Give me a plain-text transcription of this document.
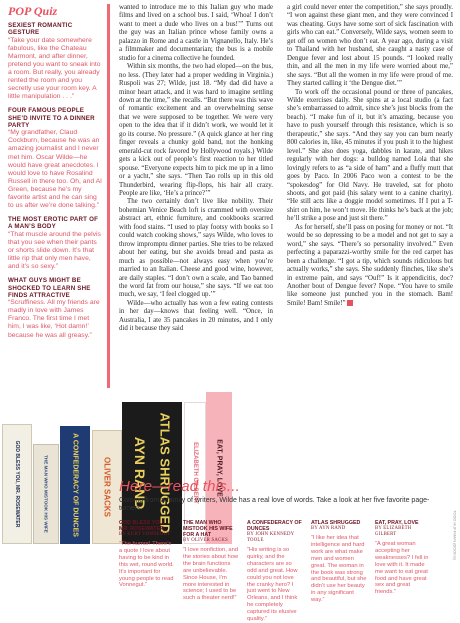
POP Quiz

SEXIEST ROMANTIC GESTURE

“Take your date somewhere fabulous, like the Chateau Marmont, and after dinner, pretend you want to sneak into a room. But really, you already rented the room and you secretly use your room key. A little manipulation . . .”

FOUR FAMOUS PEOPLE SHE’D INVITE TO A DINNER PARTY

“My grandfather, Claud Cockburn, because he was an amazing journalist and I never met him. Oscar Wilde—he would have great anecdotes. I would love to have Rosalind Russell in there too. Oh, and Al Green, because he’s my favorite artist and he can sing to us after we’re done talking.”

THE MOST EROTIC PART OF A MAN’S BODY

“That muscle around the pelvis that you see when their pants or shorts slide down. It’s that little rip that only men have, and it’s so sexy.”

WHAT GUYS MIGHT BE SHOCKED TO LEARN SHE FINDS ATTRACTIVE

“Scruffiness. All my friends are madly in love with James Franco. The first time I met him, I was like, ‘Hot damn!’ because he was all greasy.”

wanted to introduce me to this Italian guy who made films and lived on a school bus. I said, ‘Whoa! I don’t want to meet a dude who lives on a bus!’” Turns out the guy was an Italian prince whose family owns a palazzo in Rome and a castle in Vignanello, Italy. He’s a filmmaker and documentarian; the bus is a mobile studio for a cinema collective he founded.

Within six months, the two had eloped—on the bus, no less. (They later had a proper wedding in Virginia.) Ruspoli was 27; Wilde, just 18. “My dad did have a minor heart attack, and it was hard to imagine settling down at the time,” she recalls. “But there was this wave of romantic excitement and an overwhelming sense that we were supposed to be together. We were very open to the idea that if it didn’t work, we would let it go its course. No pressure.” (A quick glance at her ring finger reveals a chunky gold band, not the honking emerald-cut rock favored by Hollywood royals.) Wilde gets a kick out of people’s first reaction to her titled spouse. “Everyone expects him to pick me up in a limo or a yacht,” she says. “Then Tao rolls up in this old Thunderbird, wearing flip-flops, his hair all crazy. People are like, ‘He’s a prince?’”

The two certainly don’t live like nobility. Their bohemian Venice Beach loft is crammed with oversize abstract art, ethnic furniture, and cookbooks scarred with food stains. “I used to play footsy with books so I could watch cooking shows,” says Wilde, who loves to throw impromptu dinner parties. She tries to be relaxed about her eating, but she avoids bread and pasta as much as possible—not always easy when you’re married to an Italian. Cheese and good wine, however, are daily staples. “I don’t own a scale, and Tao banned the word fat from our house,” she says. “If we eat too much, we say, ‘I feel clogged up.’”

Wilde—who actually has won a few eating contests in her day—knows that feeling well. “Once, in Australia, I ate 35 pancakes in 20 minutes, and I only did it because they said

a girl could never enter the competition,” she says proudly. “I won against these giant men, and they were convinced I was cheating. Guys have some sort of sick fascination with girls who can eat.” Conversely, Wilde says, women seem to get off on women who don’t eat. A year ago, during a visit to Thailand with her husband, she caught a nasty case of Dengue fever and lost about 15 pounds. “I looked really thin, and all the men in my life were worried about me,” she says. “But all the women in my life were proud of me. They started calling it ‘the Dengue diet.’”

To work off the occasional pound or three of pancakes, Wilde exercises daily. She spins at a local studio (a fact she’s embarrassed to admit, since she’s just blocks from the beach). “I make fun of it, but it’s amazing, because you have to push yourself through this resistance, which is so therapeutic,” she says. “And they say you can burn nearly 800 calories in, like, 45 minutes if you push it to the highest level.” She also does yoga, dabbles in karate, and hikes regularly with her dogs: a bulldog named Lola that she lovingly refers to as “a side of ham” and a fluffy mutt that goes by Paco. In 2006 Paco won a contest to be the “spokesdog” for Old Navy. He traveled, sat for photo shoots, and got paid (his salary went to a canine charity). “He still acts like a doggie model sometimes. If I put a T-shirt on him, he won’t move. He thinks he’s back at the job; he’ll strike a pose and just sit there.”

As for herself, she’ll pass on posing for money or not. “It would be so depressing to be a model and not get to say a word,” she says. “There’s so personality involved.” Even perfecting a paparazzi-worthy smile for the red carpet has been a challenge. “I got a tip, which sounds ridiculous but actually works,” she says. She suddenly flinches, like she’s in extreme pain, and says “Ouf!” Is it appendicitis, doc? Another bout of Dengue fever? Nope. “You have to smile like someone just punched you in the stomach. Bam! Smile! Bam! Smile!”

GOD BLESS YOU, MR. ROSEWATER	THE MAN WHO MISTOOK HIS WIFE	A CONFEDERACY OF DUNCES	OLIVER SACKS AYN RAND ATLAS SHRUGGED	ELIZABETH GILBERT	EAT, PRAY, LOVE
Here—read this...
Coming from a family of writers, Wilde has a real love of words. Take a look at her five favorite page-turners

GOD BLESS YOU, MR. ROSEWATER

BY KURT VONNEGUT

“The humor! There’s a quote I love about having to be kind in this wet, round world. It’s important for young people to read Vonnegut.”

THE MAN WHO MISTOOK HIS WIFE FOR A HAT

BY OLIVER SACKS

“I love nonfiction, and the stories about how the brain functions are unbelievable. Since House, I’m more interested in science; I used to be such a theater nerd!”

A CONFEDERACY OF DUNCES

BY JOHN KENNEDY TOOLE

“His writing is so quirky, and the characters are so odd and great. How could you not love the cranky hero? I just went to New Orleans, and I think he completely captured its elusive quality.”

ATLAS SHRUGGED

BY AYN RAND

“I like her idea that intelligence and hard work are what make men and women great. The woman in the book was strong and beautiful, but she didn’t use her beauty in any significant way.”

EAT, PRAY, LOVE

BY ELIZABETH GILBERT

“A great woman accepting her weaknesses? I fell in love with it. It made me want to eat great food and have great sex and great friends.”

TODD HUFFMAN (BOOKS)
